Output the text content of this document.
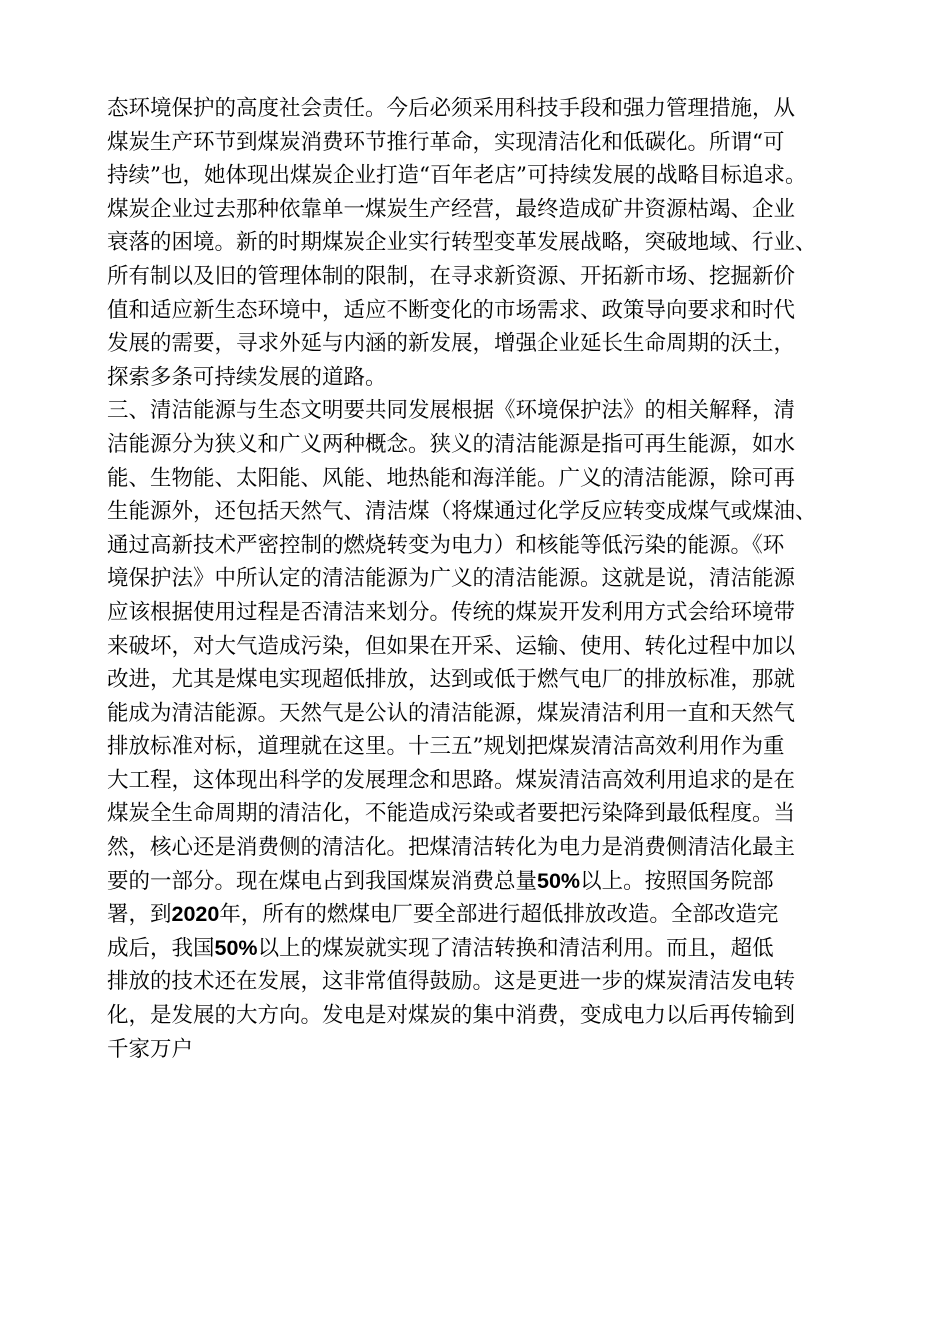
态环境保护的高度社会责任。今后必须采用科技手段和强力管理措施，从
煤炭生产环节到煤炭消费环节推行革命，实现清洁化和低碳化。所谓“可
持续”也，她体现出煤炭企业打造“百年老店”可持续发展的战略目标追求。
煤炭企业过去那种依靠单一煤炭生产经营，最终造成矿井资源枯竭、企业
衰落的困境。新的时期煤炭企业实行转型变革发展战略，突破地域、行业、
所有制以及旧的管理体制的限制，在寻求新资源、开拓新市场、挖掘新价
值和适应新生态环境中，适应不断变化的市场需求、政策导向要求和时代
发展的需要，寻求外延与内涵的新发展，增强企业延长生命周期的沃土，
探索多条可持续发展的道路。
三、清洁能源与生态文明要共同发展根据《环境保护法》的相关解释，清
洁能源分为狭义和广义两种概念。狭义的清洁能源是指可再生能源，如水
能、生物能、太阳能、风能、地热能和海洋能。广义的清洁能源，除可再
生能源外，还包括天然气、清洁煤（将煤通过化学反应转变成煤气或煤油、
通过高新技术严密控制的燃烧转变为电力）和核能等低污染的能源。《环
境保护法》中所认定的清洁能源为广义的清洁能源。这就是说，清洁能源
应该根据使用过程是否清洁来划分。传统的煤炭开发利用方式会给环境带
来破坏，对大气造成污染，但如果在开采、运输、使用、转化过程中加以
改进，尤其是煤电实现超低排放，达到或低于燃气电厂的排放标准，那就
能成为清洁能源。天然气是公认的清洁能源，煤炭清洁利用一直和天然气
排放标准对标，道理就在这里。十三五”规划把煤炭清洁高效利用作为重
大工程，这体现出科学的发展理念和思路。煤炭清洁高效利用追求的是在
煤炭全生命周期的清洁化，不能造成污染或者要把污染降到最低程度。当
然，核心还是消费侧的清洁化。把煤清洁转化为电力是消费侧清洁化最主
要的一部分。现在煤电占到我国煤炭消费总量50%以上。按照国务院部
署，到2020年，所有的燃煤电厂要全部进行超低排放改造。全部改造完
成后，我国50%以上的煤炭就实现了清洁转换和清洁利用。而且，超低
排放的技术还在发展，这非常值得鼓励。这是更进一步的煤炭清洁发电转
化，是发展的大方向。发电是对煤炭的集中消费，变成电力以后再传输到
千家万户
